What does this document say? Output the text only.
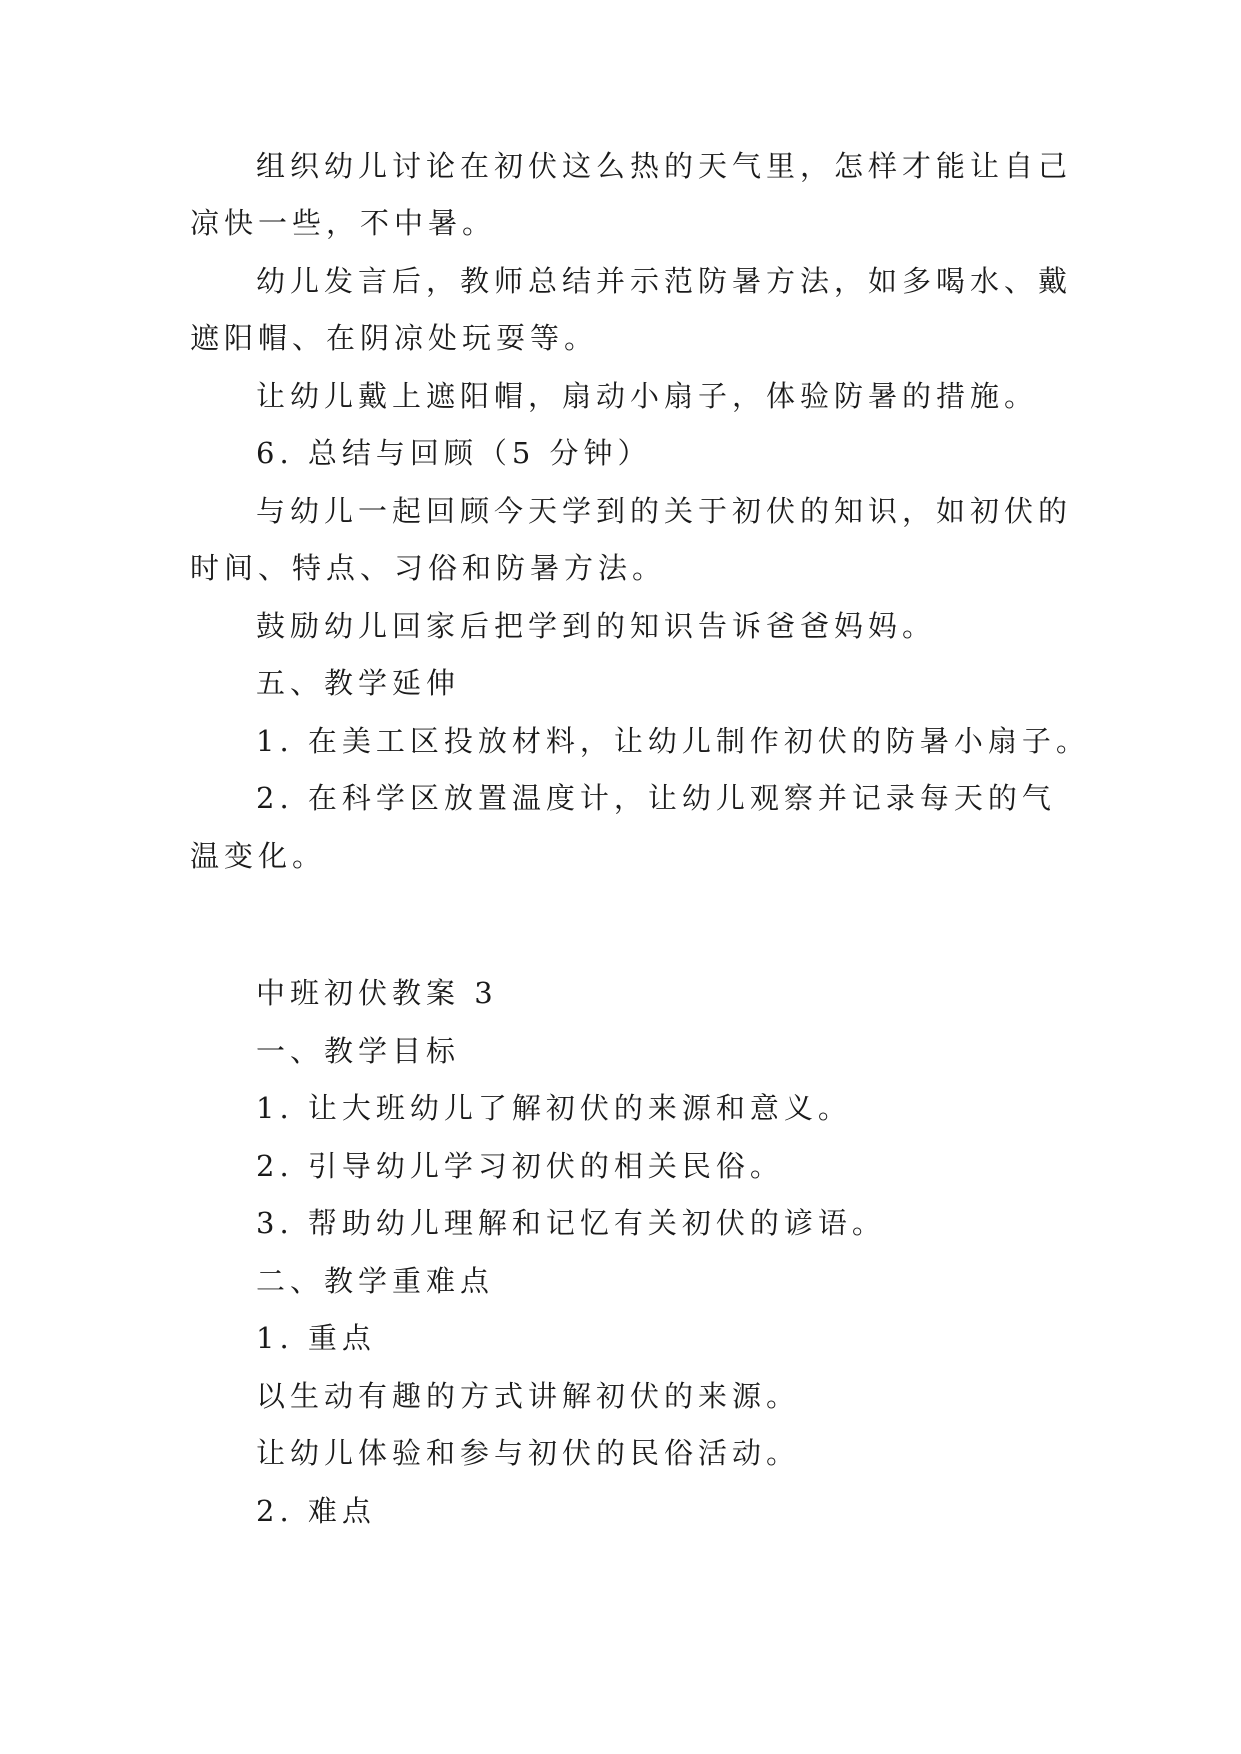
组织幼儿讨论在初伏这么热的天气里，怎样才能让自己
凉快一些，不中暑。
幼儿发言后，教师总结并示范防暑方法，如多喝水、戴
遮阳帽、在阴凉处玩耍等。
让幼儿戴上遮阳帽，扇动小扇子，体验防暑的措施。
6. 总结与回顾（5 分钟）
与幼儿一起回顾今天学到的关于初伏的知识，如初伏的
时间、特点、习俗和防暑方法。
鼓励幼儿回家后把学到的知识告诉爸爸妈妈。
五、教学延伸
1. 在美工区投放材料，让幼儿制作初伏的防暑小扇子。
2. 在科学区放置温度计，让幼儿观察并记录每天的气
温变化。
中班初伏教案 3
一、教学目标
1. 让大班幼儿了解初伏的来源和意义。
2. 引导幼儿学习初伏的相关民俗。
3. 帮助幼儿理解和记忆有关初伏的谚语。
二、教学重难点
1. 重点
以生动有趣的方式讲解初伏的来源。
让幼儿体验和参与初伏的民俗活动。
2. 难点
